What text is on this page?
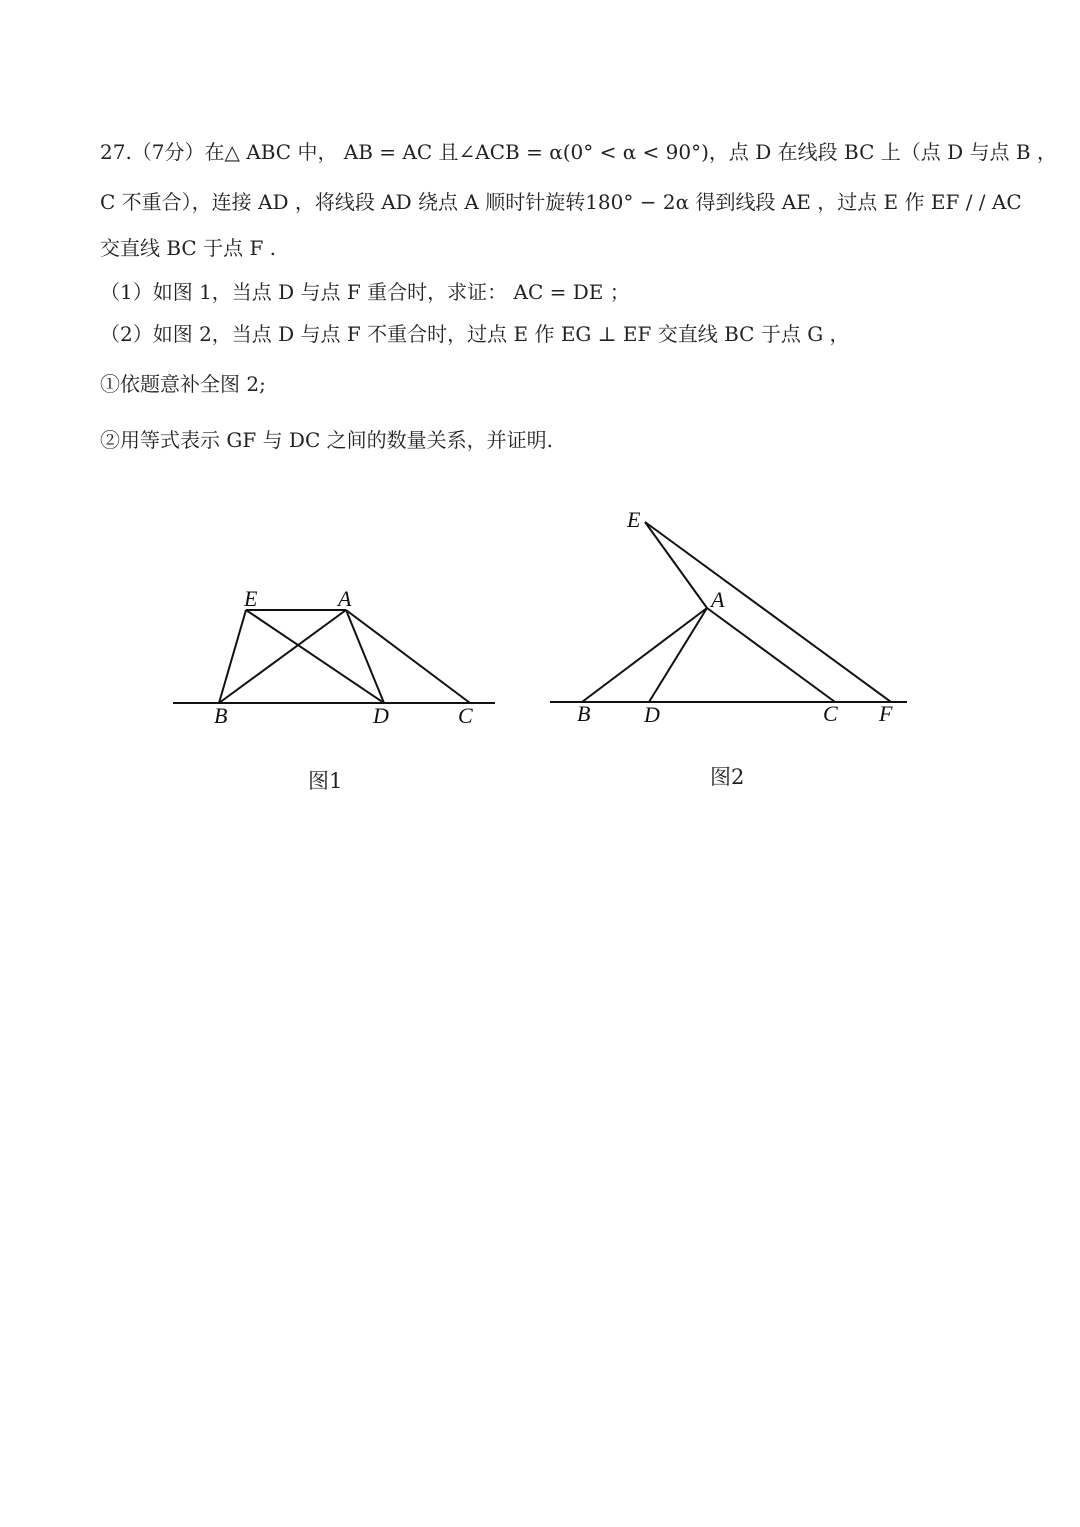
27.（7分）在△ ABC 中， AB = AC 且∠ACB = α(0° < α < 90°)，点 D 在线段 BC 上（点 D 与点 B ，
C 不重合），连接 AD ，将线段 AD 绕点 A 顺时针旋转180° − 2α 得到线段 AE ，过点 E 作 EF / / AC
交直线 BC 于点 F .
（1）如图 1，当点 D 与点 F 重合时，求证： AC = DE ；
（2）如图 2，当点 D 与点 F 不重合时，过点 E 作 EG ⊥ EF 交直线 BC 于点 G ，
①依题意补全图 2;
②用等式表示 GF 与 DC 之间的数量关系，并证明.
E	A
B	D	C
图1
E
A
B D	C F
图2
